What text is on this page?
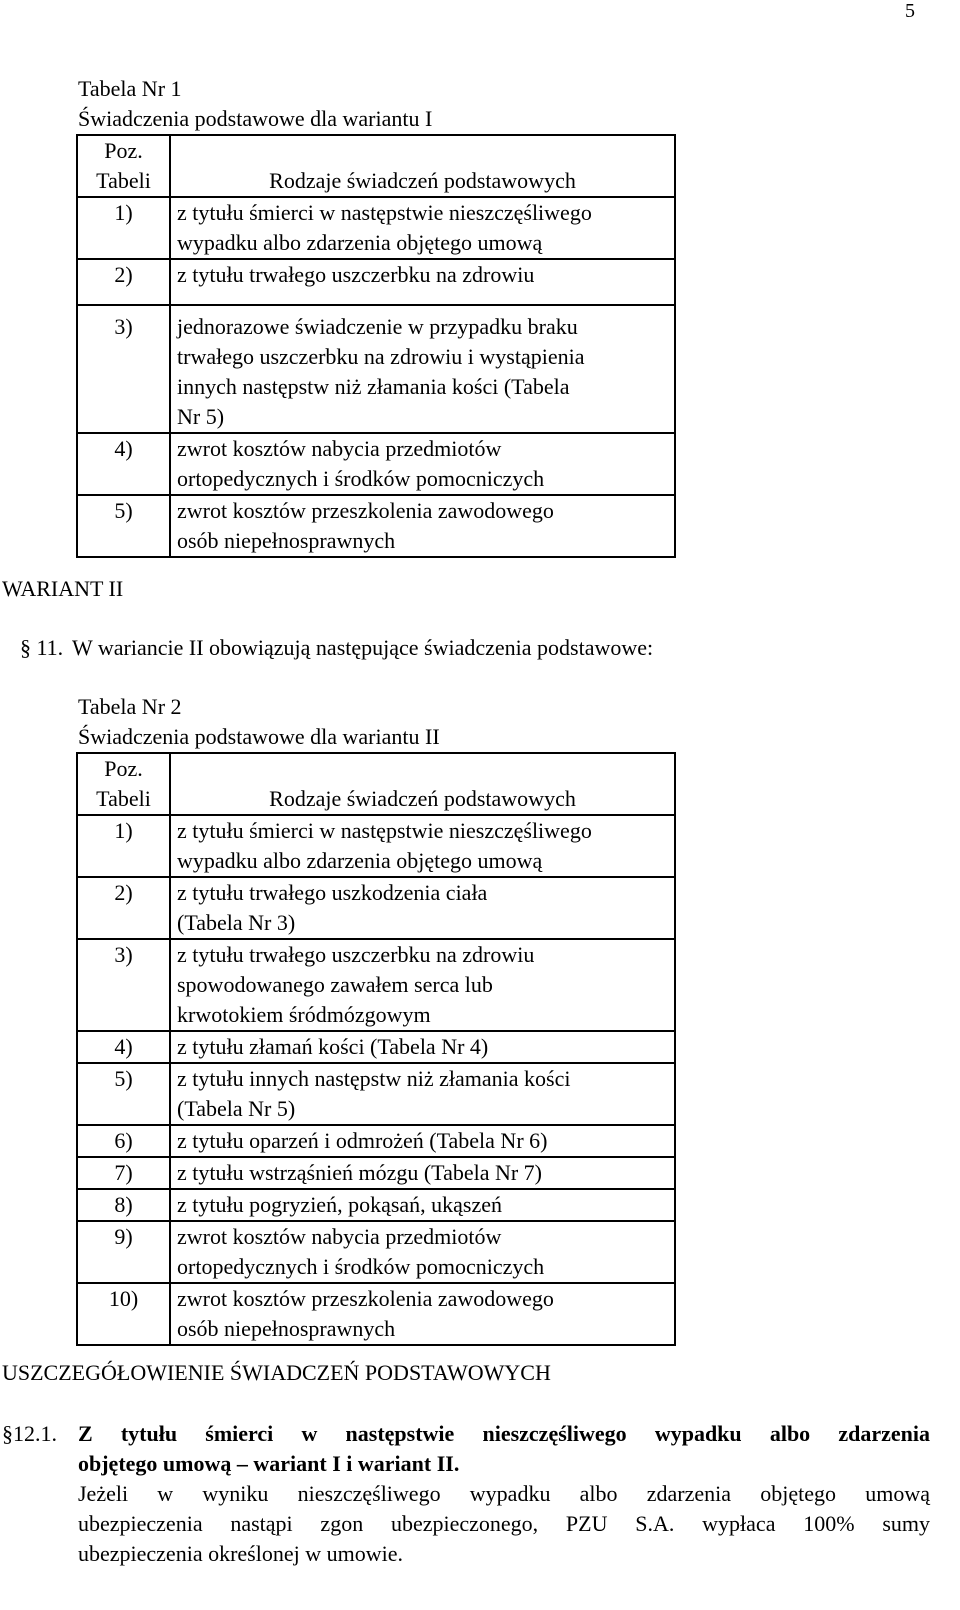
5
Tabela Nr 1
Świadczenia podstawowe dla wariantu I
Poz.
Tabeli	Rodzaje świadczeń podstawowych

1)	z tytułu śmierci w następstwie nieszczęśliwego
wypadku albo zdarzenia objętego umową

2)	z tytułu trwałego uszczerbku na zdrowiu

3)	jednorazowe świadczenie w przypadku braku
trwałego uszczerbku na zdrowiu i wystąpienia
innych następstw niż złamania kości (Tabela
Nr 5)

4)	zwrot kosztów nabycia przedmiotów
ortopedycznych i środków pomocniczych

5)	zwrot kosztów przeszkolenia zawodowego
osób niepełnosprawnych
WARIANT II
§ 11. W wariancie II obowiązują następujące świadczenia podstawowe:
Tabela Nr 2
Świadczenia podstawowe dla wariantu II
Poz.
Tabeli	Rodzaje świadczeń podstawowych

1)	z tytułu śmierci w następstwie nieszczęśliwego
wypadku albo zdarzenia objętego umową

2)	z tytułu trwałego uszkodzenia ciała
(Tabela Nr 3)

3)	z tytułu trwałego uszczerbku na zdrowiu
spowodowanego zawałem serca lub
krwotokiem śródmózgowym

4)	z tytułu złamań kości (Tabela Nr 4)

5)	z tytułu innych następstw niż złamania kości
(Tabela Nr 5)

6)	z tytułu oparzeń i odmrożeń (Tabela Nr 6)

7)	z tytułu wstrząśnień mózgu (Tabela Nr 7)

8)	z tytułu pogryzień, pokąsań, ukąszeń

9)	zwrot kosztów nabycia przedmiotów
ortopedycznych i środków pomocniczych

10)	zwrot kosztów przeszkolenia zawodowego
osób niepełnosprawnych
USZCZEGÓŁOWIENIE ŚWIADCZEŃ PODSTAWOWYCH
§12.1. Z tytułu śmierci w następstwie nieszczęśliwego wypadku albo zdarzenia
objętego umową – wariant I i wariant II.
Jeżeli w wyniku nieszczęśliwego wypadku albo zdarzenia objętego umową
ubezpieczenia nastąpi zgon ubezpieczonego, PZU S.A. wypłaca 100% sumy
ubezpieczenia określonej w umowie.
